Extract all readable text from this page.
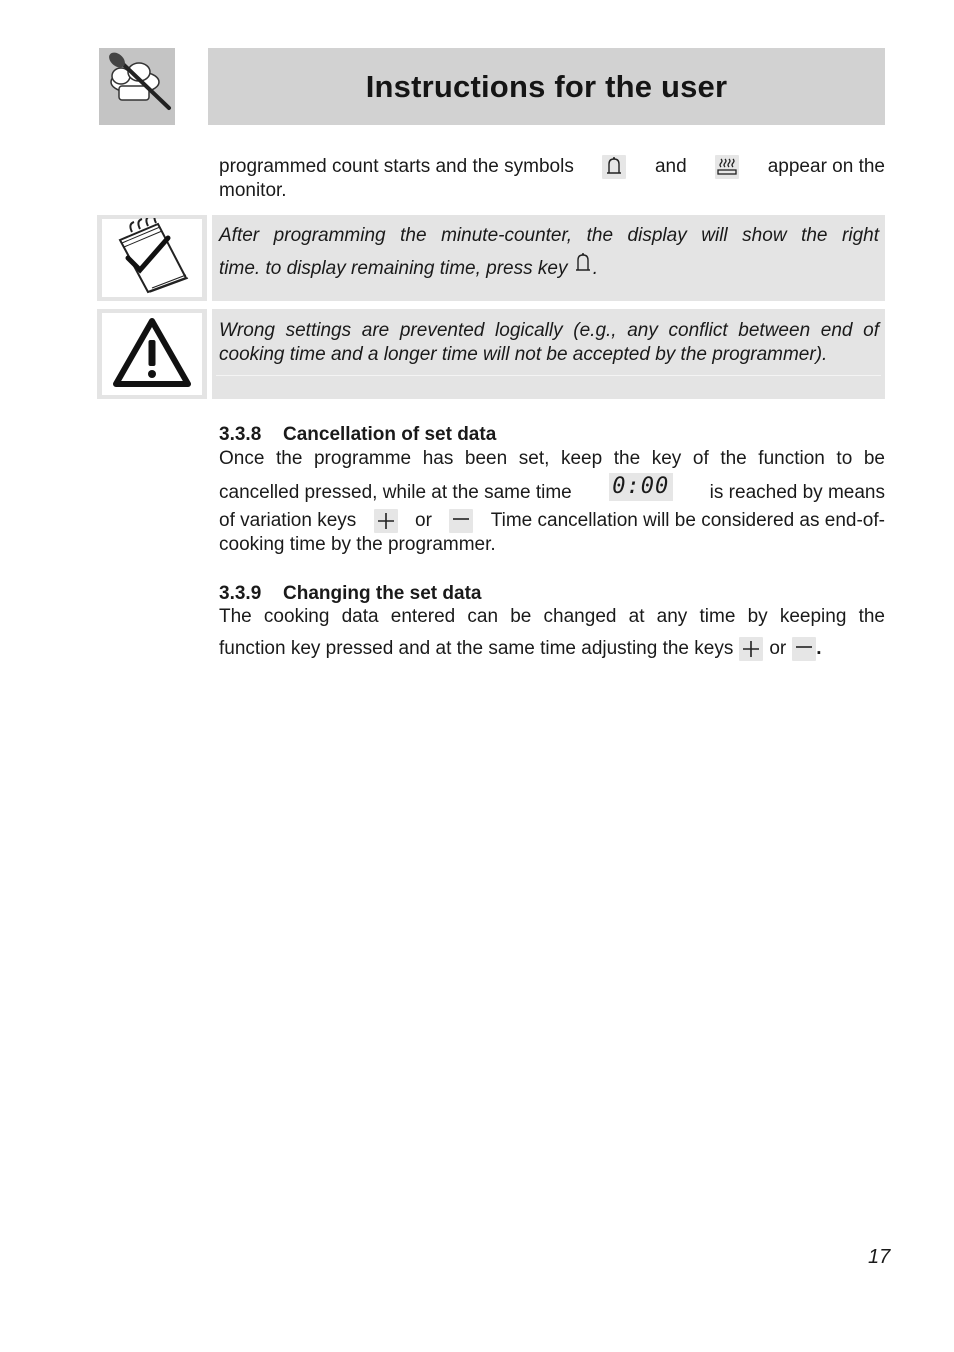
Instructions for the user
programmed count starts and the symbols	and	appear on the
monitor.
After programming the minute-counter, the display will show the right
time. to display remaining time, press key .
Wrong settings are prevented logically (e.g., any conflict between end of
cooking time and a longer time will not be accepted by the programmer).
3.3.8 Cancellation of set data
Once the programme has been set, keep the key of the function to be
cancelled pressed, while at the same time 0:00 is reached by means
of variation keys	or	Time cancellation will be considered as end-of-
cooking time by the programmer.
3.3.9 Changing the set data
The cooking data entered can be changed at any time by keeping the
function key pressed and at the same time adjusting the keys or .
17
